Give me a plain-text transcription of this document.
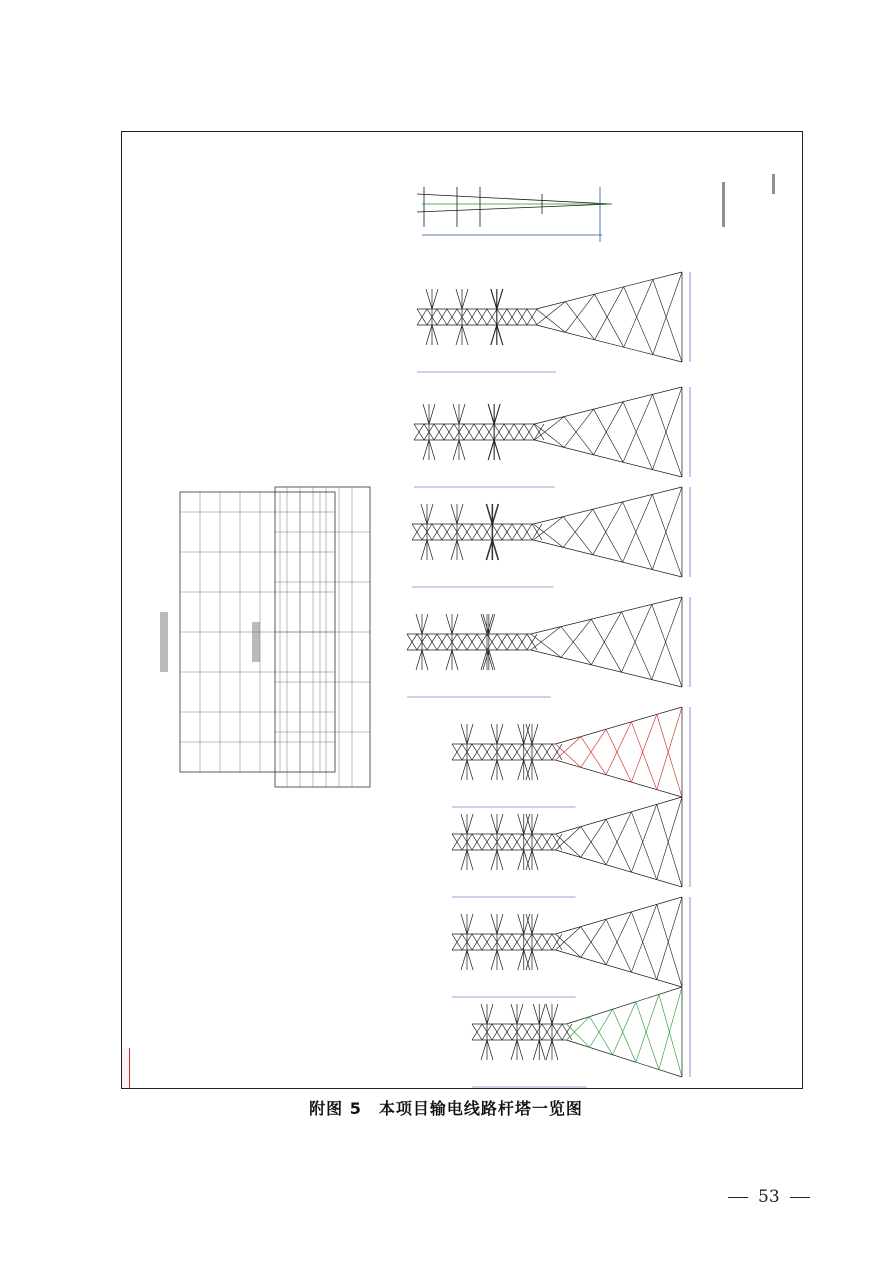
附图 5　本项目输电线路杆塔一览图
53
